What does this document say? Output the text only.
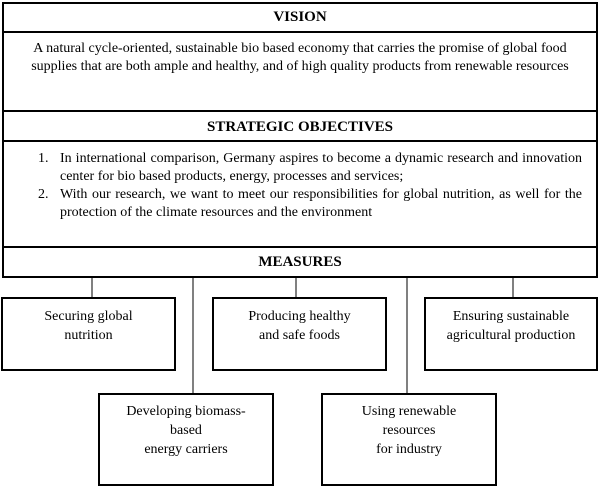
VISION
A natural cycle-oriented, sustainable bio based economy that carries the promise of global food supplies that are both ample and healthy, and of high quality products from renewable resources
STRATEGIC OBJECTIVES
1. In international comparison, Germany aspires to become a dynamic research and innovation center for bio based products, energy, processes and services;
2. With our research, we want to meet our responsibilities for global nutrition, as well for the protection of the climate resources and the environment
MEASURES
Securing global
nutrition
Producing healthy
and safe foods
Ensuring sustainable
agricultural production
Developing biomass-
based
energy carriers
Using renewable
resources
for industry
